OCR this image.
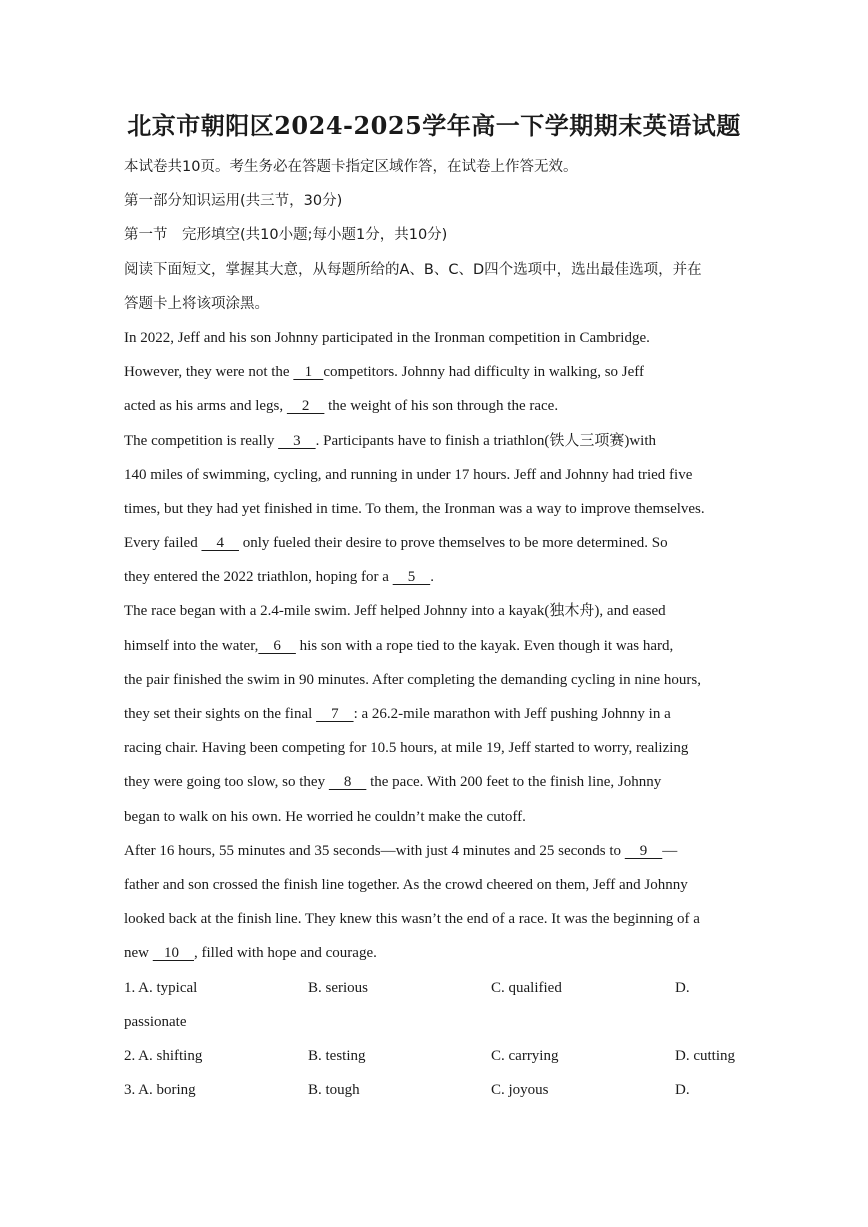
北京市朝阳区2024-2025学年高一下学期期末英语试题
本试卷共10页。考生务必在答题卡指定区域作答，在试卷上作答无效。
第一部分知识运用(共三节，30分)
第一节　完形填空(共10小题;每小题1分，共10分)
阅读下面短文，掌握其大意，从每题所给的A、B、C、D四个选项中，选出最佳选项，并在
答题卡上将该项涂黑。
In 2022, Jeff and his son Johnny participated in the Ironman competition in Cambridge.
However, they were not the    1   competitors. Johnny had difficulty in walking, so Jeff
acted as his arms and legs,     2     the weight of his son through the race.
The competition is really     3    . Participants have to finish a triathlon(铁人三项赛)with
140 miles of swimming, cycling, and running in under 17 hours. Jeff and Johnny had tried five
times, but they had yet finished in time. To them, the Ironman was a way to improve themselves.
Every failed     4     only fueled their desire to prove themselves to be more determined. So
they entered the 2022 triathlon, hoping for a     5    .
The race began with a 2.4-mile swim. Jeff helped Johnny into a kayak(独木舟), and eased
himself into the water,    6     his son with a rope tied to the kayak. Even though it was hard,
the pair finished the swim in 90 minutes. After completing the demanding cycling in nine hours,
they set their sights on the final     7    : a 26.2-mile marathon with Jeff pushing Johnny in a
racing chair. Having been competing for 10.5 hours, at mile 19, Jeff started to worry, realizing
they were going too slow, so they     8     the pace. With 200 feet to the finish line, Johnny
began to walk on his own. He worried he couldn’t make the cutoff.
After 16 hours, 55 minutes and 35 seconds—with just 4 minutes and 25 seconds to     9    —
father and son crossed the finish line together. As the crowd cheered on them, Jeff and Johnny
looked back at the finish line. They knew this wasn’t the end of a race. It was the beginning of a
new    10    , filled with hope and courage.
1. A. typical	B. serious	C. qualified	D.
passionate
2. A. shifting	B. testing	C. carrying	D. cutting
3. A. boring	B. tough	C. joyous	D.
